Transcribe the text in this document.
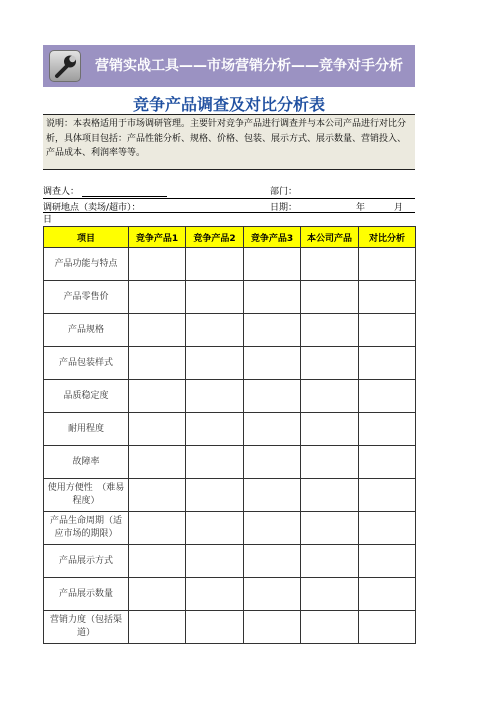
营销实战工具——市场营销分析——竞争对手分析
竞争产品调查及对比分析表
说明：本表格适用于市场调研管理。主要针对竞争产品进行调查并与本公司产品进行对比分析，具体项目包括：产品性能分析、规格、价格、包装、展示方式、展示数量、营销投入、产品成本、利润率等等。
调查人：	部门：
调研地点（卖场/超市）：	日期：	年	月
日
项目	竞争产品1	竞争产品2	竞争产品3	本公司产品	对比分析
产品功能与特点					
产品零售价					
产品规格					
产品包装样式					
品质稳定度					
耐用程度					
故障率					
使用方便性　（难易程度）					
产品生命周期（适应市场的期限）					
产品展示方式					
产品展示数量					
营销力度（包括渠道）					
